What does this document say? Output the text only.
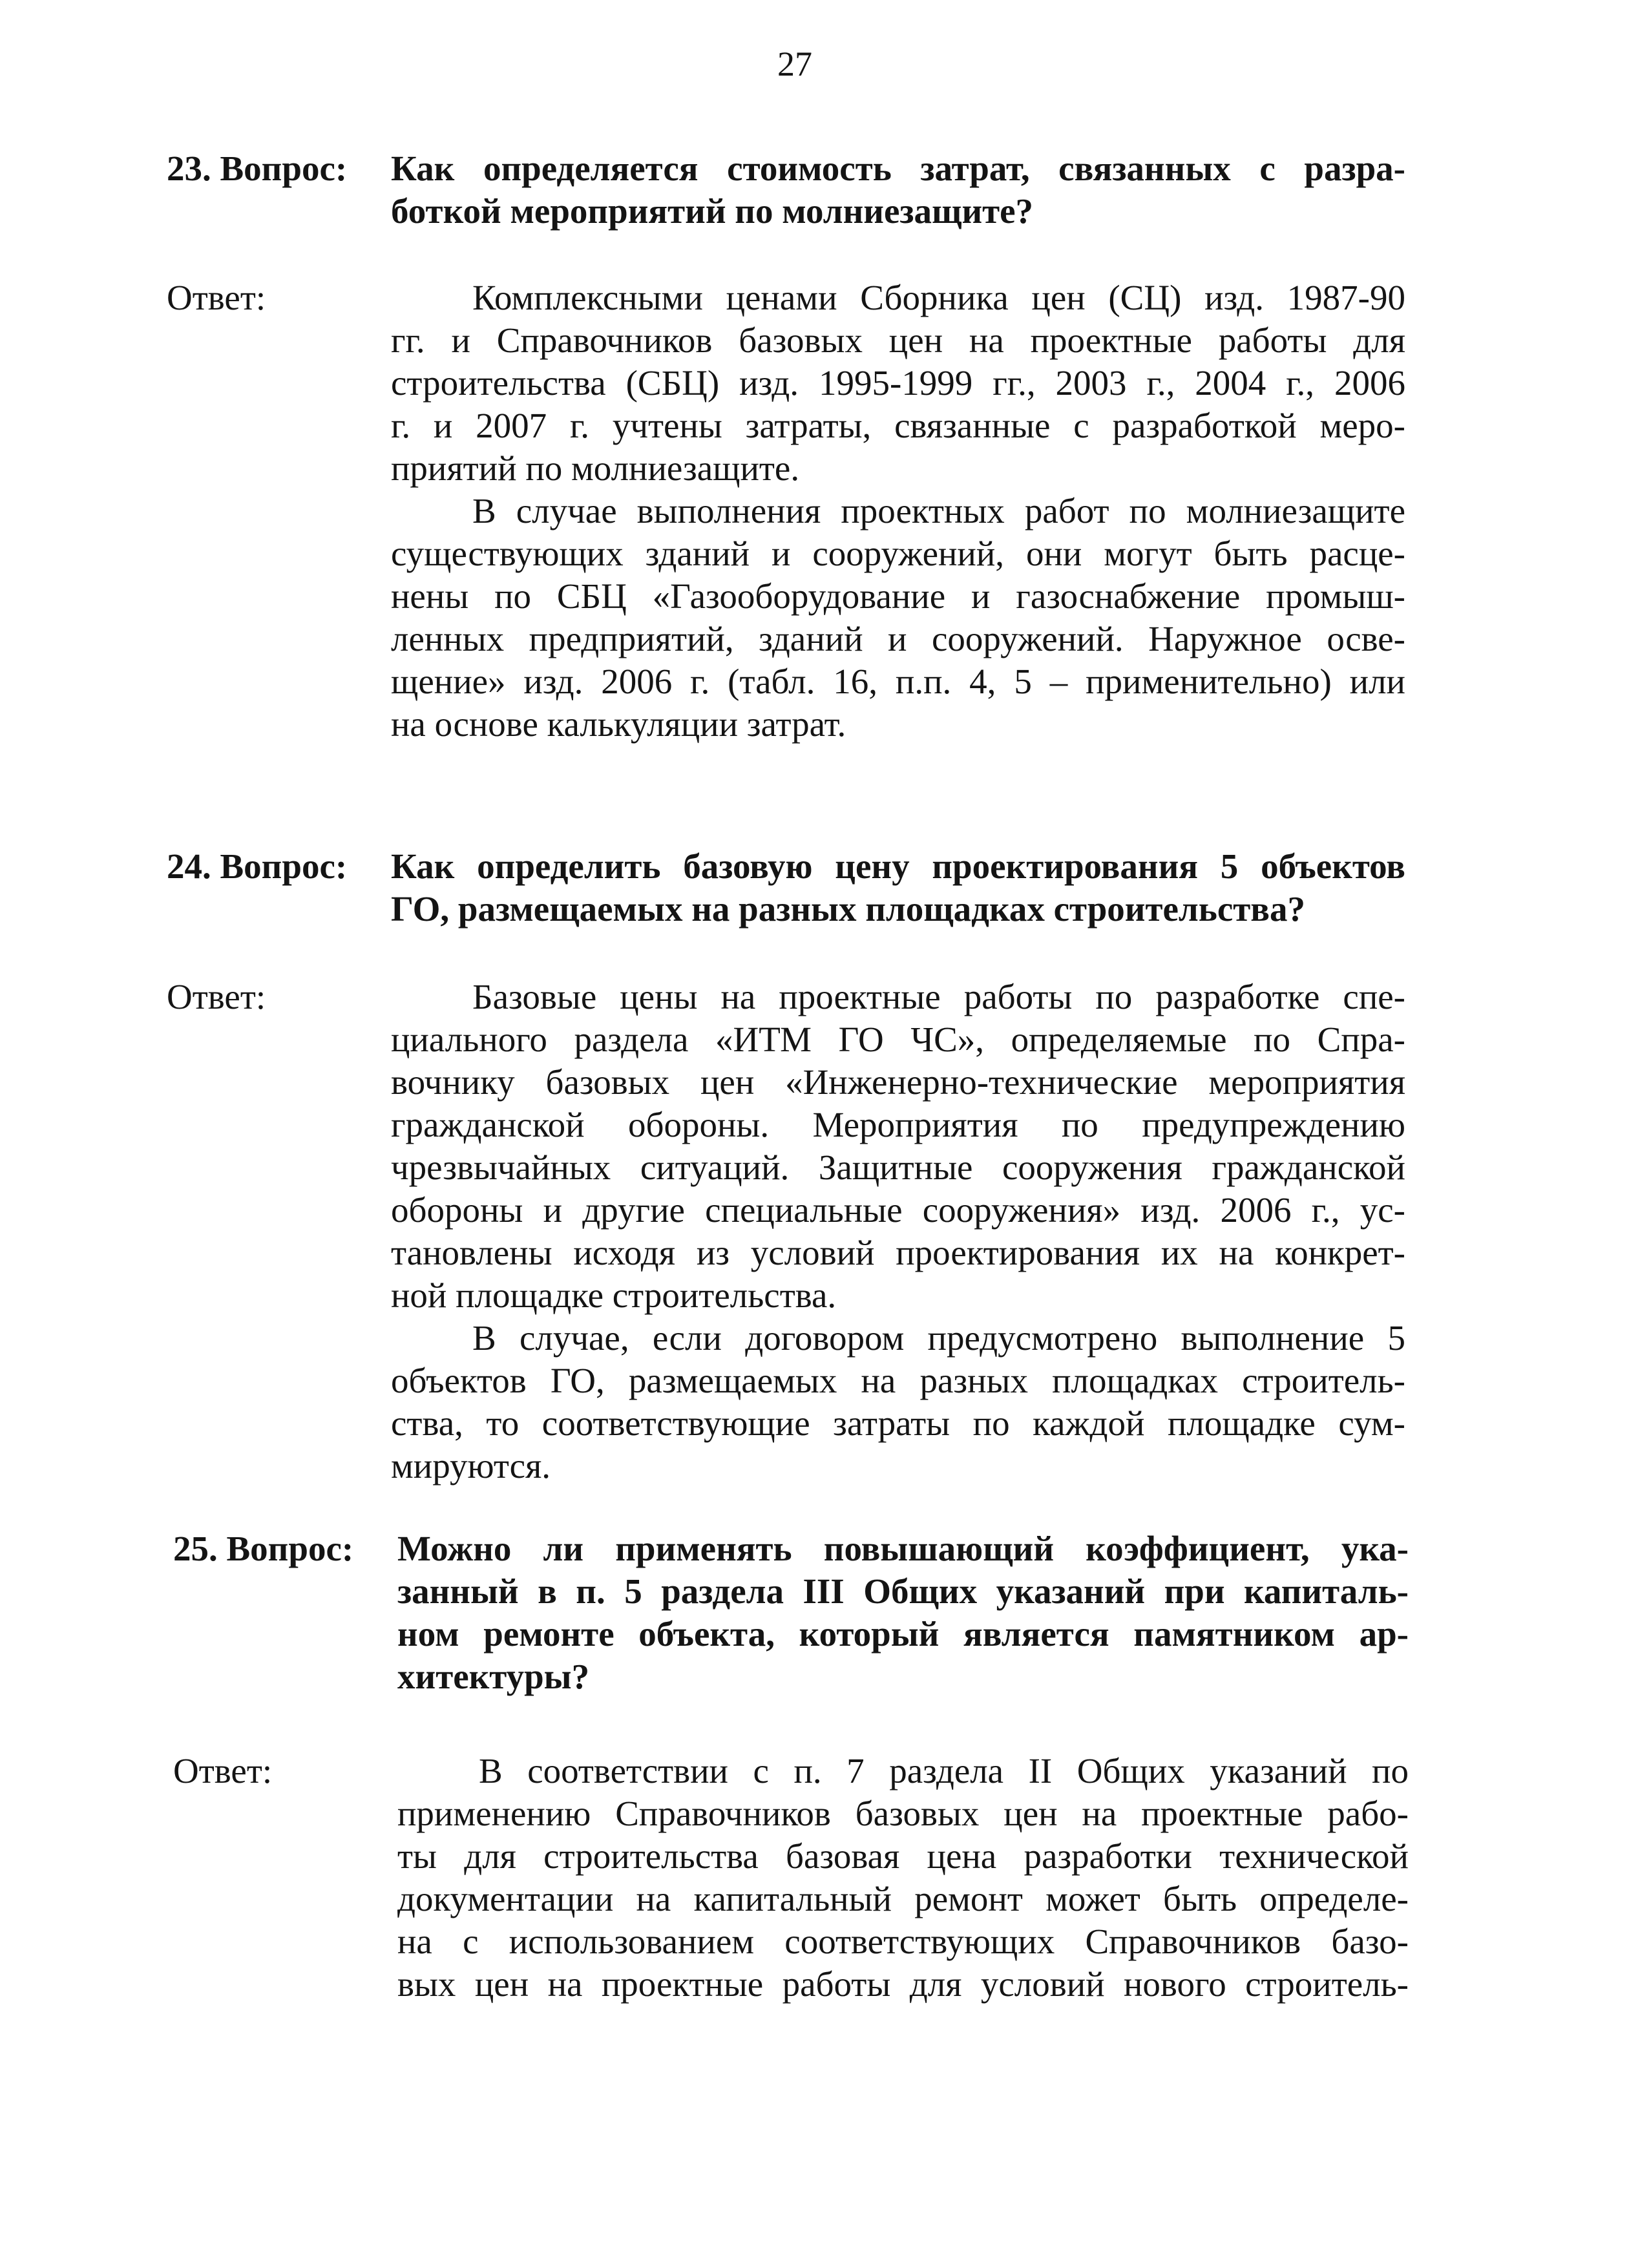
27
23. Вопрос: Как определяется стоимость затрат, связанных с разра-
боткой мероприятий по молниезащите?
Ответ:	Комплексными ценами Сборника цен (СЦ) изд. 1987-90
гг. и Справочников базовых цен на проектные работы для
строительства (СБЦ) изд. 1995-1999 гг., 2003 г., 2004 г., 2006
г. и 2007 г. учтены затраты, связанные с разработкой меро-
приятий по молниезащите.

В случае выполнения проектных работ по молниезащите
существующих зданий и сооружений, они могут быть расце-
нены по СБЦ «Газооборудование и газоснабжение промыш-
ленных предприятий, зданий и сооружений. Наружное осве-
щение» изд. 2006 г. (табл. 16, п.п. 4, 5 – применительно) или
на основе калькуляции затрат.

24. Вопрос: Как определить базовую цену проектирования 5 объектов
ГО, размещаемых на разных площадках строительства?
Ответ:	Базовые цены на проектные работы по разработке спе-
циального раздела «ИТМ ГО ЧС», определяемые по Спра-
вочнику базовых цен «Инженерно-технические мероприятия
гражданской обороны. Мероприятия по предупреждению
чрезвычайных ситуаций. Защитные сооружения гражданской
обороны и другие специальные сооружения» изд. 2006 г., ус-
тановлены исходя из условий проектирования их на конкрет-
ной площадке строительства.

В случае, если договором предусмотрено выполнение 5
объектов ГО, размещаемых на разных площадках строитель-
ства, то соответствующие затраты по каждой площадке сум-
мируются.

25. Вопрос: Можно ли применять повышающий коэффициент, ука-
занный в п. 5 раздела III Общих указаний при капиталь-
ном ремонте объекта, который является памятником ар-
хитектуры?
Ответ:	В соответствии с п. 7 раздела II Общих указаний по
применению Справочников базовых цен на проектные рабо-
ты для строительства базовая цена разработки технической
документации на капитальный ремонт может быть определе-
на с использованием соответствующих Справочников базо-
вых цен на проектные работы для условий нового строитель-
